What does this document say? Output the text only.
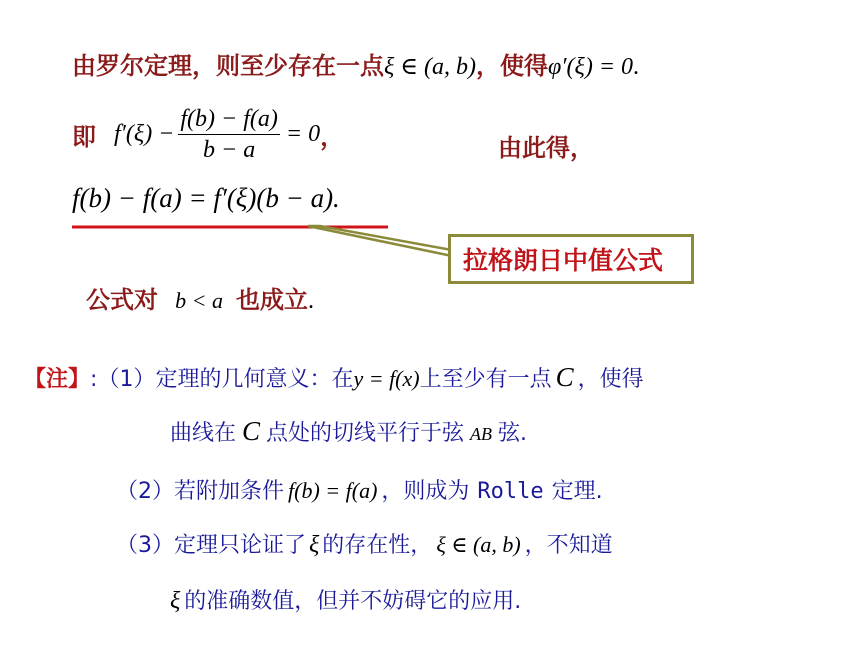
由罗尔定理，则至少存在一点ξ ∈ (a, b)，使得φ′(ξ) = 0.
即 $f'(\xi) - \frac{f(b) - f(a)}{b - a} = 0$ ，	由此得，
f(b) − f(a) = f′(ξ)(b − a).
拉格朗日中值公式
公式对 b < a 也成立.
【注】:（1）定理的几何意义：在y = f(x)上至少有一点 C ，使得
曲线在 C 点处的切线平行于弦 AB 弦.
（2）若附加条件 f(b) = f(a) ，则成为 Rolle 定理.
（3）定理只论证了 ξ 的存在性， ξ ∈ (a, b) ，不知道
ξ 的准确数值，但并不妨碍它的应用.
